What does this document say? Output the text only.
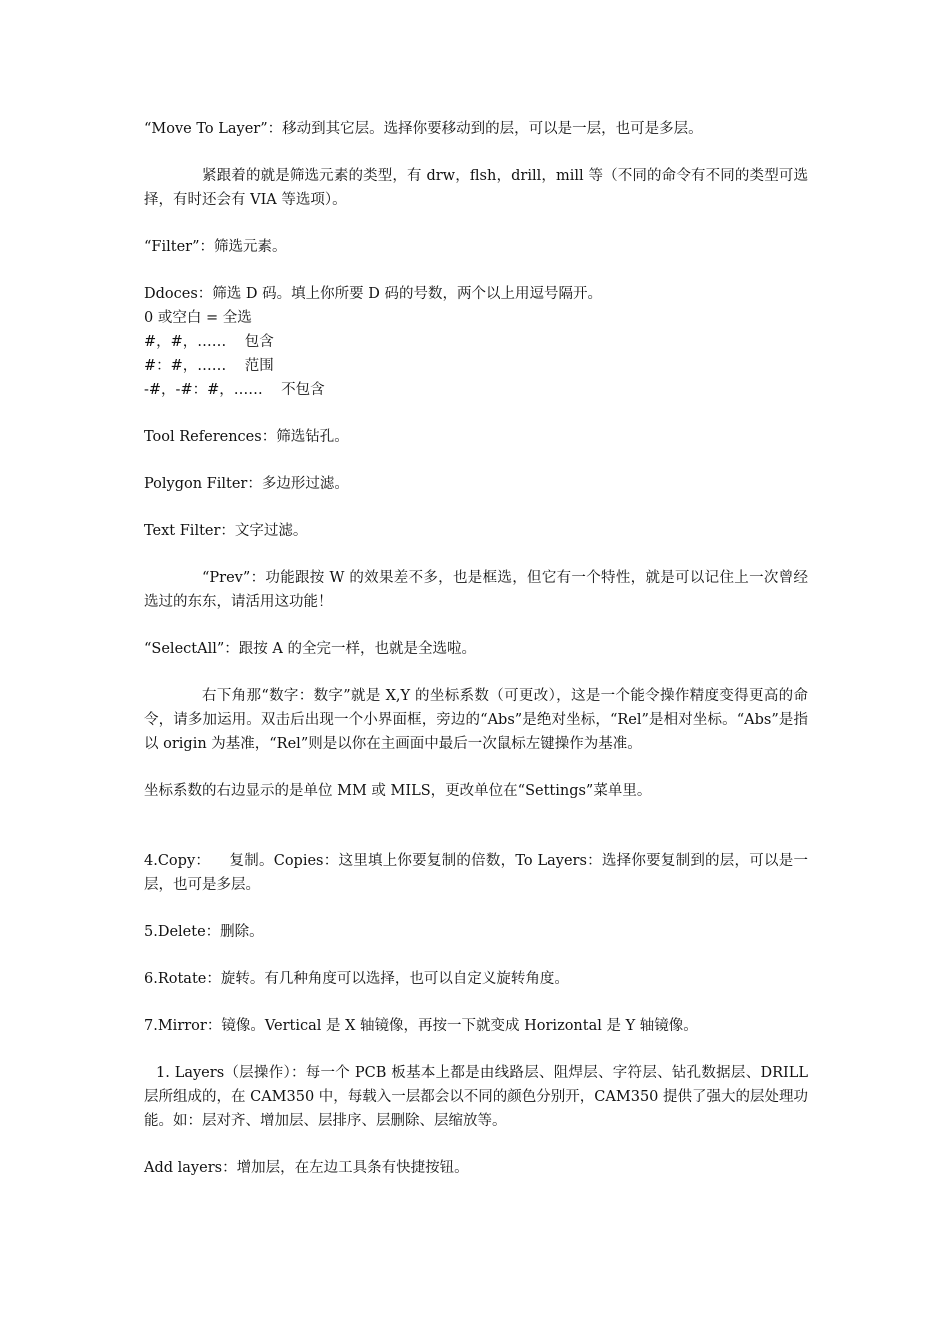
“Move To Layer”：移动到其它层。选择你要移动到的层，可以是一层，也可是多层。

紧跟着的就是筛选元素的类型，有 drw，flsh，drill，mill 等（不同的命令有不同的类型可选择，有时还会有 VIA 等选项）。

“Filter”：筛选元素。

Ddoces：筛选 D 码。填上你所要 D 码的号数，两个以上用逗号隔开。

0 或空白 = 全选

#，#，……    包含

#：#，……    范围

-#，-#：#，……    不包含

Tool References：筛选钻孔。

Polygon Filter：多边形过滤。

Text Filter：文字过滤。

“Prev”：功能跟按 W 的效果差不多，也是框选，但它有一个特性，就是可以记住上一次曾经选过的东东，请活用这功能！

“SelectAll”：跟按 A 的全完一样，也就是全选啦。

右下角那“数字：数字”就是 X,Y 的坐标系数（可更改），这是一个能令操作精度变得更高的命令，请多加运用。双击后出现一个小界面框，旁边的“Abs”是绝对坐标，“Rel”是相对坐标。“Abs”是指以 origin 为基准，“Rel”则是以你在主画面中最后一次鼠标左键操作为基准。

坐标系数的右边显示的是单位 MM 或 MILS，更改单位在“Settings”菜单里。

4.Copy：    复制。Copies：这里填上你要复制的倍数，To Layers：选择你要复制到的层，可以是一层，也可是多层。

5.Delete：删除。

6.Rotate：旋转。有几种角度可以选择，也可以自定义旋转角度。

7.Mirror：镜像。Vertical 是 X 轴镜像，再按一下就变成 Horizontal 是 Y 轴镜像。

1. Layers（层操作）：每一个 PCB 板基本上都是由线路层、阻焊层、字符层、钻孔数据层、DRILL 层所组成的，在 CAM350 中，每载入一层都会以不同的颜色分别开，CAM350 提供了强大的层处理功能。如：层对齐、增加层、层排序、层删除、层缩放等。

Add layers：增加层，在左边工具条有快捷按钮。
